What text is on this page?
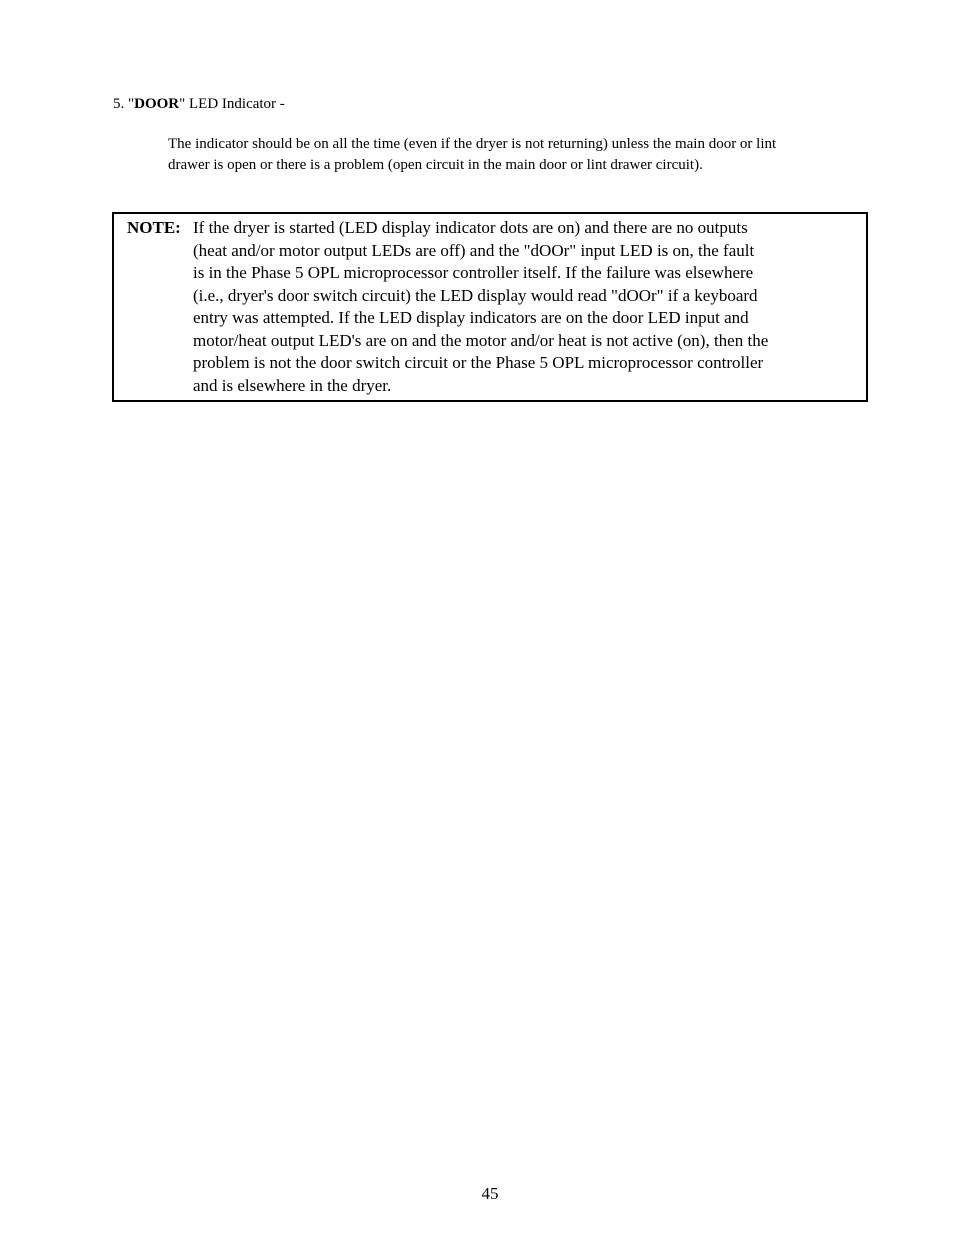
5. "DOOR" LED Indicator -
The indicator should be on all the time (even if the dryer is not returning) unless the main door or lint
drawer is open or there is a problem (open circuit in the main door or lint drawer circuit).
NOTE: If the dryer is started (LED display indicator dots are on) and there are no outputs
(heat and/or motor output LEDs are off) and the "dOOr" input LED is on, the fault
is in the Phase 5 OPL microprocessor controller itself. If the failure was elsewhere
(i.e., dryer's door switch circuit) the LED display would read "dOOr" if a keyboard
entry was attempted. If the LED display indicators are on the door LED input and
motor/heat output LED's are on and the motor and/or heat is not active (on), then the
problem is not the door switch circuit or the Phase 5 OPL microprocessor controller
and is elsewhere in the dryer.
45
